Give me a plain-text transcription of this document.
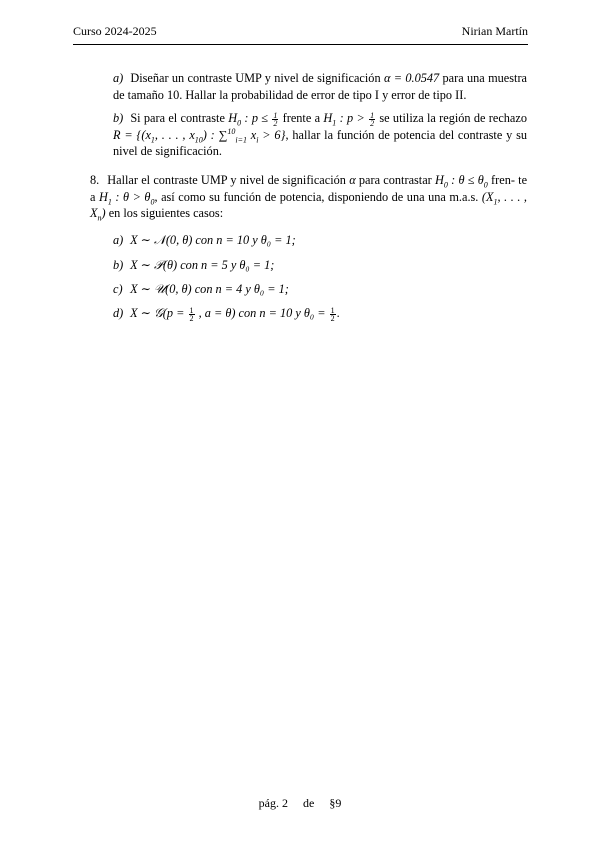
Curso 2024-2025	Nirian Martín
a) Diseñar un contraste UMP y nivel de significación α = 0.0547 para una muestra de tamaño 10. Hallar la probabilidad de error de tipo I y error de tipo II.
b) Si para el contraste $H_0$ : $p \le \frac{1}{2}$ frente a $H_1$ : $p > \frac{1}{2}$ se utiliza la región de rechazo $R = \{(x_1$, . . . , $x_{10}$) : ∑$^{10}_{i=1}$ $x_i > 6$}, hallar la función de potencia del contraste y su nivel de significación.
8. Hallar el contraste UMP y nivel de significación α para contrastar $H_0$ : $\theta \le \theta_0$ fren- te a $H_1$ : $\theta > \theta_0$, así como su función de potencia, disponiendo de una una m.a.s. ($X_1$, . . . , $X_n$) en los siguientes casos:
a) X ∼ 𝒩(0, θ) con n = 10 y θ₀ = 1;
b) X ∼ 𝒫(θ) con n = 5 y θ₀ = 1;
c) X ∼ 𝒰(0, θ) con n = 4 y θ₀ = 1;
d) X ∼ 𝒢(p = $\frac{1}{2}$ , a = θ) con n = 10 y $\theta_0 = \frac{1}{2}$ .
pág. 2 de §9
